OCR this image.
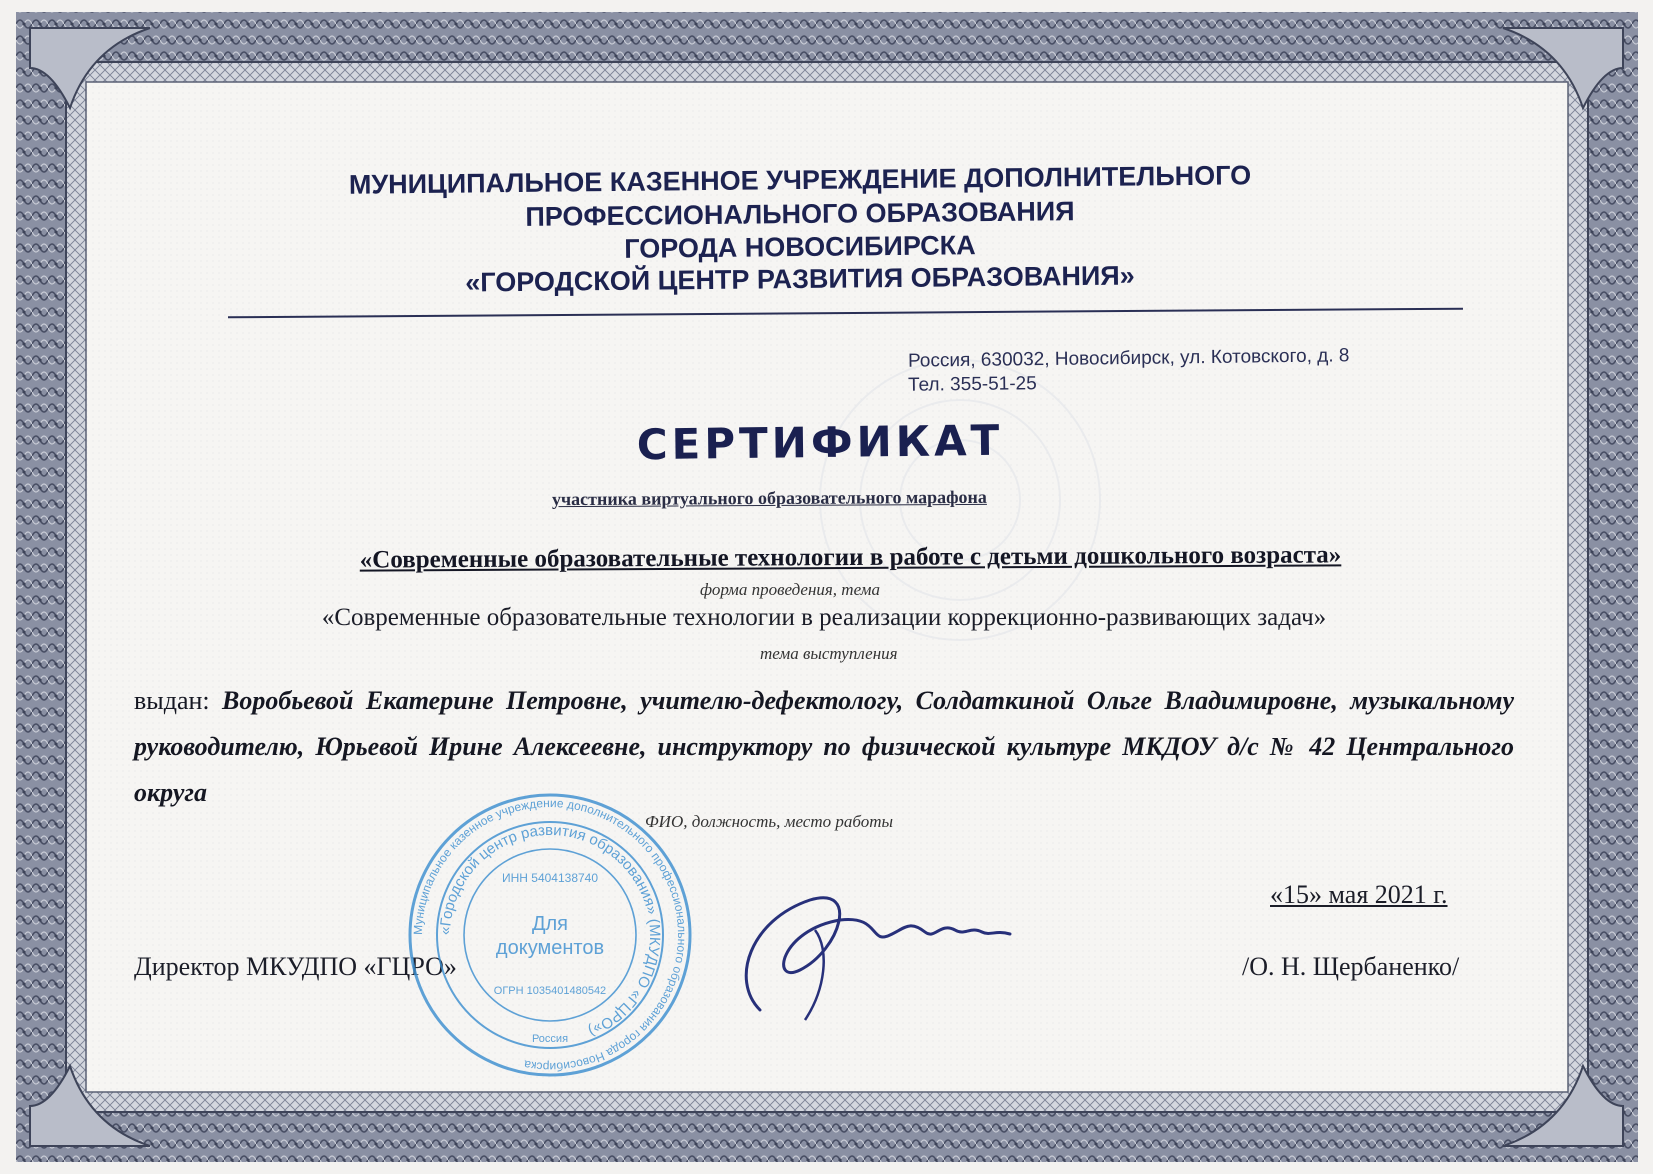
МУНИЦИПАЛЬНОЕ КАЗЕННОЕ УЧРЕЖДЕНИЕ ДОПОЛНИТЕЛЬНОГО
ПРОФЕССИОНАЛЬНОГО ОБРАЗОВАНИЯ
ГОРОДА НОВОСИБИРСКА
«ГОРОДСКОЙ ЦЕНТР РАЗВИТИЯ ОБРАЗОВАНИЯ»
Россия, 630032, Новосибирск, ул. Котовского, д. 8
Тел. 355-51-25
СЕРТИФИКАТ
участника виртуального образовательного марафона
«Современные образовательные технологии в работе с детьми дошкольного возраста»
форма проведения, тема
«Современные образовательные технологии в реализации коррекционно-развивающих задач»
тема выступления
выдан: Воробьевой Екатерине Петровне, учителю-дефектологу, Солдаткиной Ольге Владимировне, музыкальному руководителю, Юрьевой Ирине Алексеевне, инструктору по физической культуре МКДОУ д/с № 42 Центрального округа
ФИО, должность, место работы
«15» мая 2021 г.
Директор МКУДПО «ГЦРО»	/О. Н. Щербаненко/
Муниципальное казенное учреждение дополнительного профессионального образования города Новосибирска
«Городской центр развития образования» (МКУДПО «ГЦРО»)
ИНН 5404138740
Для
документов
ОГРН 1035401480542
Россия
